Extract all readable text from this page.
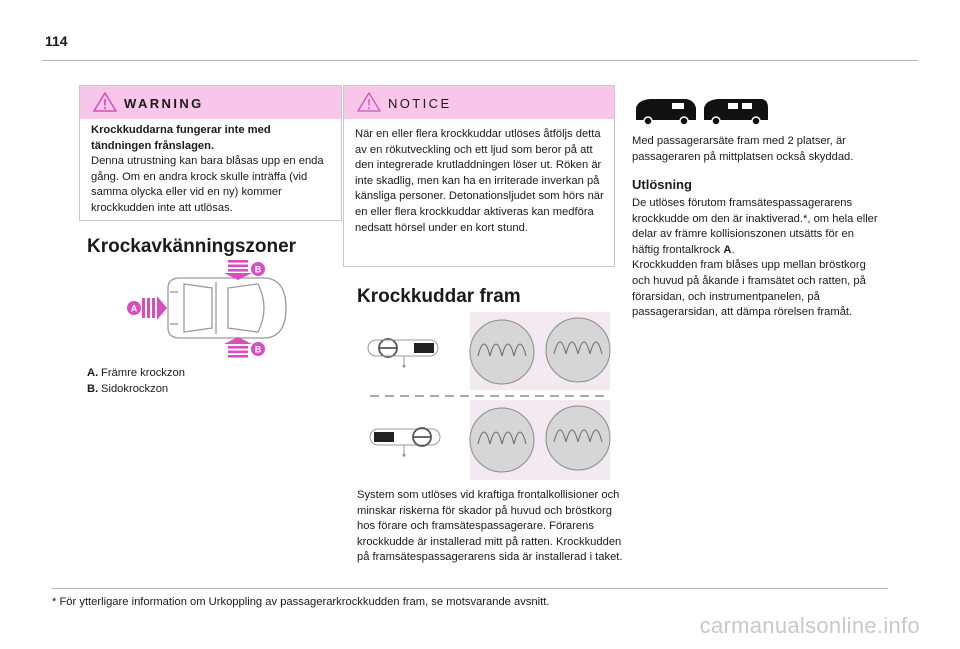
114
WARNING

Krockkuddarna fungerar inte med tändningen frånslagen.

Denna utrustning kan bara blåsas upp en enda gång. Om en andra krock skulle inträffa (vid samma olycka eller vid en ny) kommer krockkudden inte att utlösas.

Krockavkänningszoner
A
B
B
A. Främre krockzon
B. Sidokrockzon
NOTICE

När en eller flera krockkuddar utlöses åtföljs detta av en rökutveckling och ett ljud som beror på att den integrerade krutladdningen löser ut. Röken är inte skadlig, men kan ha en irriterade inverkan på känsliga personer. Detonationsljudet som hörs när en eller flera krockkuddar aktiveras kan medföra nedsatt hörsel under en kort stund.

Krockkuddar fram

System som utlöses vid kraftiga frontalkollisioner och minskar riskerna för skador på huvud och bröstkorg hos förare och framsätespassagerare. Förarens krockkudde är installerad mitt på ratten. Krockkudden på framsätespassagerarens sida är installerad i taket.

Med passagerarsäte fram med 2 platser, är passageraren på mittplatsen också skyddad.

Utlösning

De utlöses förutom framsätespassagerarens krockkudde om den är inaktiverad.*, om hela eller delar av främre kollisionszonen utsätts för en häftig frontalkrock A.

Krockkudden fram blåses upp mellan bröstkorg och huvud på åkande i framsätet och ratten, på förarsidan, och instrumentpanelen, på passagerarsidan, att dämpa rörelsen framåt.

* För ytterligare information om Urkoppling av passagerarkrockkudden fram, se motsvarande avsnitt.
carmanualsonline.info
